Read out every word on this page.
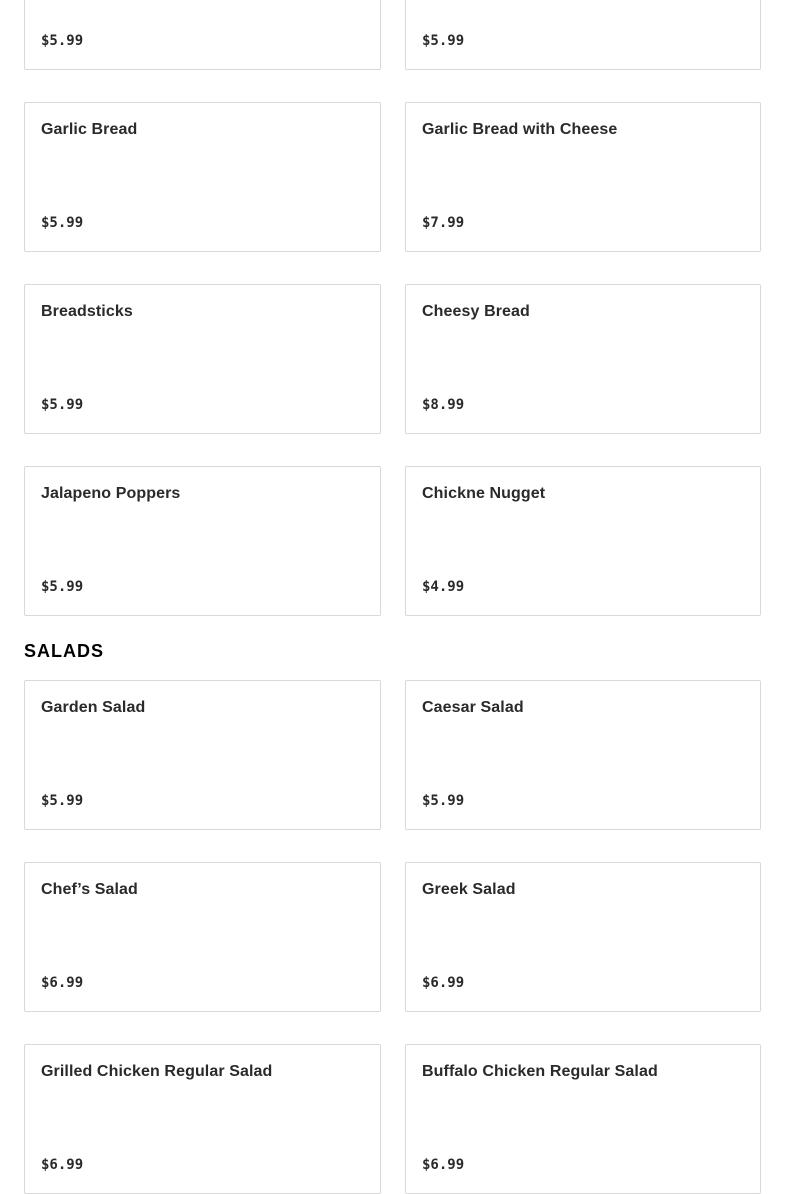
$5.99	$5.99
Garlic Bread
$5.99
Garlic Bread with Cheese
$7.99
Breadsticks
$5.99
Cheesy Bread
$8.99
Jalapeno Poppers
$5.99
Chickne Nugget
$4.99
SALADS
Garden Salad
$5.99
Caesar Salad
$5.99
Chef’s Salad
$6.99
Greek Salad
$6.99
Grilled Chicken Regular Salad
$6.99
Buffalo Chicken Regular Salad
$6.99
